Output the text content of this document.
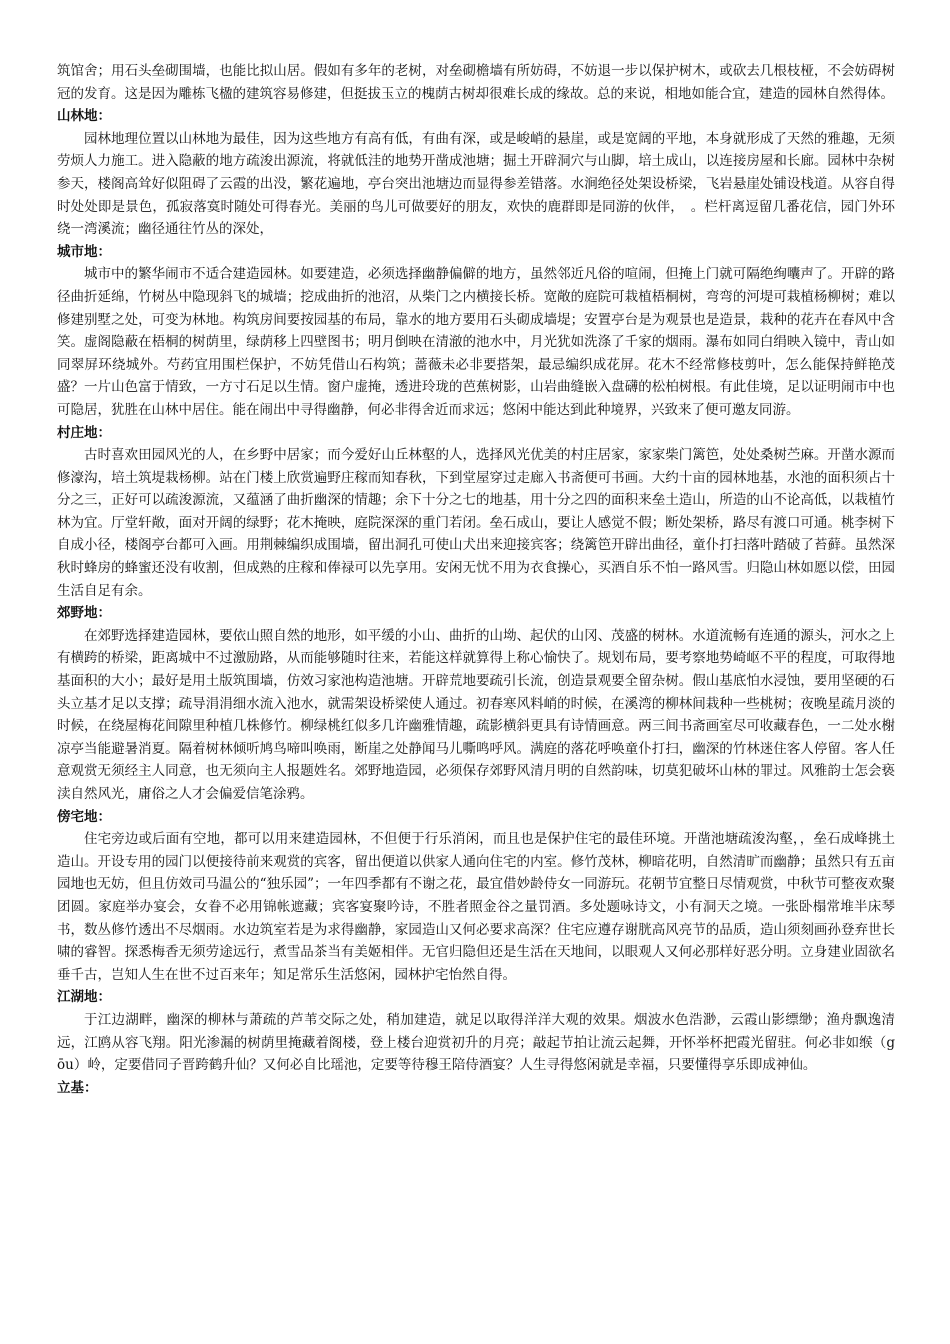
筑馆舍；用石头垒砌围墙，也能比拟山居。假如有多年的老树，对垒砌檐墙有所妨碍，不妨退一步以保护树木，或砍去几根枝桠，不会妨碍树冠的发育。这是因为雕栋飞楹的建筑容易修建，但挺拔玉立的槐荫古树却很难长成的缘故。总的来说，相地如能合宜，建造的园林自然得体。

山林地：

园林地理位置以山林地为最佳，因为这些地方有高有低，有曲有深，或是峻峭的悬崖，或是宽阔的平地，本身就形成了天然的雅趣，无须劳烦人力施工。进入隐蔽的地方疏浚出源流，将就低洼的地势开凿成池塘；掘土开辟洞穴与山脚，培土成山，以连接房屋和长廊。园林中杂树参天，楼阁高耸好似阻碍了云霞的出没，繁花遍地，亭台突出池塘边而显得参差错落。水涧绝径处架设桥梁，飞岩悬崖处铺设栈道。从容自得时处处即是景色，孤寂落寞时随处可得春光。美丽的鸟儿可做要好的朋友，欢快的鹿群即是同游的伙伴，　。栏杆离逗留几番花信，园门外环绕一湾溪流；幽径通往竹丛的深处，

城市地：

城市中的繁华闹市不适合建造园林。如要建造，必须选择幽静偏僻的地方，虽然邻近凡俗的喧闹，但掩上门就可隔绝绚囔声了。开辟的路径曲折延绵，竹树丛中隐现斜飞的城墙；挖成曲折的池沼，从柴门之内横接长桥。宽敞的庭院可栽植梧桐树，弯弯的河堤可栽植杨柳树；难以修建别墅之处，可变为林地。构筑房间要按园基的布局，靠水的地方要用石头砌成墙堤；安置亭台是为观景也是造景，栽种的花卉在春风中含笑。虚阁隐蔽在梧桐的树荫里，绿荫移上四壁图书；明月倒映在清澈的池水中，月光犹如洗涤了千家的烟雨。瀑布如同白绢映入镜中，青山如同翠屏环绕城外。芍药宜用围栏保护，不妨凭借山石构筑；蔷薇未必非要搭架，最忌编织成花屏。花木不经常修枝剪叶，怎么能保持鲜艳茂盛？一片山色富于情致，一方寸石足以生情。窗户虚掩，透进玲珑的芭蕉树影，山岩曲缝嵌入盘礴的松柏树根。有此佳境，足以证明闹市中也可隐居，犹胜在山林中居住。能在闹出中寻得幽静，何必非得舍近而求远；悠闲中能达到此种境界，兴致来了便可邀友同游。

村庄地：

古时喜欢田园风光的人，在乡野中居家；而今爱好山丘林壑的人，选择风光优美的村庄居家，家家柴门篱笆，处处桑树苎麻。开凿水源而修濠沟，培土筑堤栽杨柳。站在门楼上欣赏遍野庄稼而知春秋，下到堂屋穿过走廊入书斋便可书画。大约十亩的园林地基，水池的面积须占十分之三，正好可以疏浚源流，又蕴涵了曲折幽深的情趣；余下十分之七的地基，用十分之四的面积来垒土造山，所造的山不论高低，以栽植竹林为宜。厅堂轩敞，面对开阔的绿野；花木掩映，庭院深深的重门若闭。垒石成山，要让人感觉不假；断处架桥，路尽有渡口可通。桃李树下自成小径，楼阁亭台都可入画。用荆棘编织成围墙，留出洞孔可使山犬出来迎接宾客；绕篱笆开辟出曲径，童仆打扫落叶踏破了苔藓。虽然深秋时蜂房的蜂蜜还没有收割，但成熟的庄稼和俸禄可以先享用。安闲无忧不用为衣食操心，买酒自乐不怕一路风雪。归隐山林如愿以偿，田园生活自足有余。

郊野地：

在郊野选择建造园林，要依山照自然的地形，如平缓的小山、曲折的山坳、起伏的山冈、茂盛的树林。水道流畅有连通的源头，河水之上有横跨的桥梁，距离城中不过激励路，从而能够随时往来，若能这样就算得上称心愉快了。规划布局，要考察地势崎岖不平的程度，可取得地基面积的大小；最好是用土版筑围墙，仿效习家池构造池塘。开辟荒地要疏引长流，创造景观要全留杂树。假山基底怕水浸蚀，要用坚硬的石头立基才足以支撑；疏导涓涓细水流入池水，就需架设桥梁使人通过。初春寒风料峭的时候，在溪湾的柳林间栽种一些桃树；夜晚星疏月淡的时候，在绕屋梅花间隙里种植几株修竹。柳绿桃红似多几许幽雅情趣，疏影横斜更具有诗情画意。两三间书斋画室尽可收藏春色，一二处水榭凉亭当能避暑消夏。隔着树林倾听鸠鸟啼叫唤雨，断崖之处静闻马儿嘶鸣呼风。满庭的落花呼唤童仆打扫，幽深的竹林迷住客人停留。客人任意观赏无须经主人同意，也无须向主人报题姓名。郊野地造园，必须保存郊野风清月明的自然韵味，切莫犯破坏山林的罪过。风雅韵士怎会亵渎自然风光，庸俗之人才会偏爱信笔涂鸦。

傍宅地：

住宅旁边或后面有空地，都可以用来建造园林，不但便于行乐消闲，而且也是保护住宅的最佳环境。开凿池塘疏浚沟壑，，垒石成峰挑土造山。开设专用的园门以便接待前来观赏的宾客，留出便道以供家人通向住宅的内室。修竹茂林，柳暗花明，自然清旷而幽静；虽然只有五亩园地也无妨，但且仿效司马温公的“独乐园”；一年四季都有不谢之花，最宜借妙龄侍女一同游玩。花朝节宜整日尽情观赏，中秋节可整夜欢聚团圆。家庭举办宴会，女眷不必用锦帐遮藏；宾客宴聚吟诗，不胜者照金谷之量罚酒。多处题咏诗文，小有洞天之境。一张卧榻常堆半床琴书，数丛修竹透出不尽烟雨。水边筑室若是为求得幽静，家园造山又何必要求高深？住宅应遵存谢胱高风亮节的品质，造山须刻画孙登弃世长啸的睿智。探悉梅香无须劳途远行，煮雪品茶当有美姬相伴。无官归隐但还是生活在天地间，以眼观人又何必那样好恶分明。立身建业固欲名垂千古，岂知人生在世不过百来年；知足常乐生活悠闲，园林护宅怡然自得。

江湖地：

于江边湖畔，幽深的柳林与萧疏的芦苇交际之处，稍加建造，就足以取得洋洋大观的效果。烟波水色浩渺，云霞山影缥缈；渔舟飘逸清远，江鸥从容飞翔。阳光渗漏的树荫里掩藏着阁楼，登上楼台迎赏初升的月亮；敲起节拍让流云起舞，开怀举杯把霞光留驻。何必非如缑（gōu）岭，定要借同子晋跨鹤升仙？又何必自比瑶池，定要等待穆王陪侍酒宴？人生寻得悠闲就是幸福，只要懂得享乐即成神仙。

立基：
